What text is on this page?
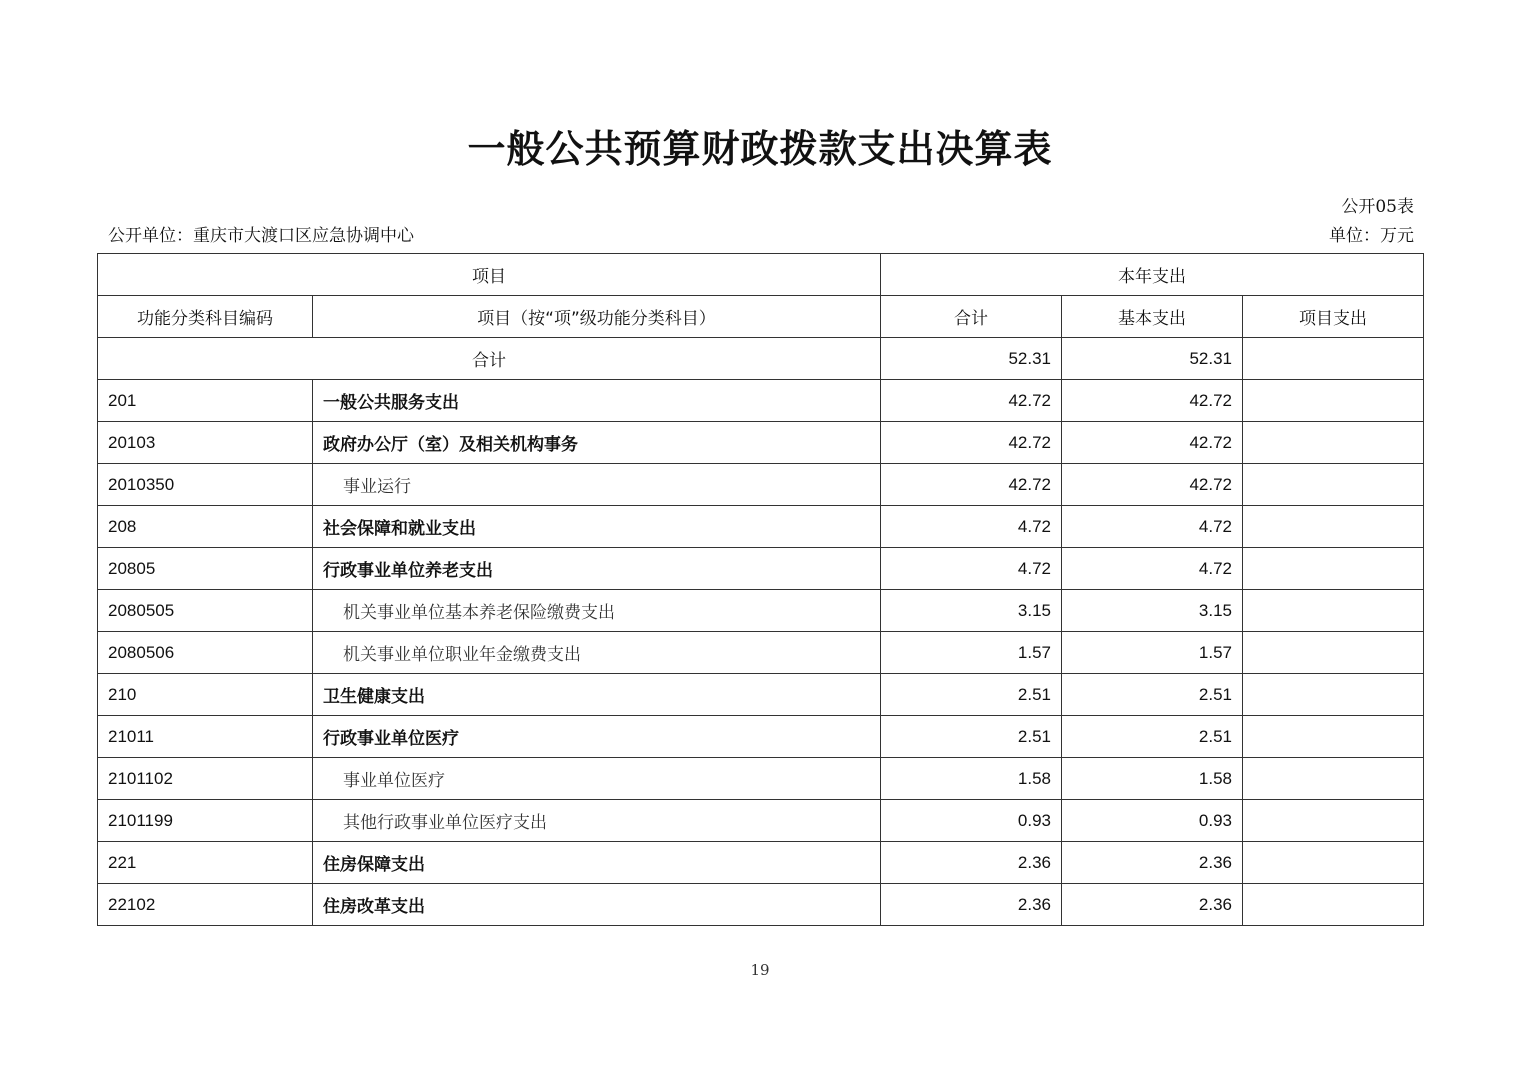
一般公共预算财政拨款支出决算表
公开05表
公开单位：重庆市大渡口区应急协调中心	单位：万元
项目		本年支出		
功能分类科目编码	项目（按“项”级功能分类科目）	合计	基本支出	项目支出
合计		52.31	52.31	
201	一般公共服务支出	42.72	42.72	
20103	政府办公厅（室）及相关机构事务	42.72	42.72	
2010350	事业运行	42.72	42.72	
208	社会保障和就业支出	4.72	4.72	
20805	行政事业单位养老支出	4.72	4.72	
2080505	机关事业单位基本养老保险缴费支出	3.15	3.15	
2080506	机关事业单位职业年金缴费支出	1.57	1.57	
210	卫生健康支出	2.51	2.51	
21011	行政事业单位医疗	2.51	2.51	
2101102	事业单位医疗	1.58	1.58	
2101199	其他行政事业单位医疗支出	0.93	0.93	
221	住房保障支出	2.36	2.36	
22102	住房改革支出	2.36	2.36	
19
